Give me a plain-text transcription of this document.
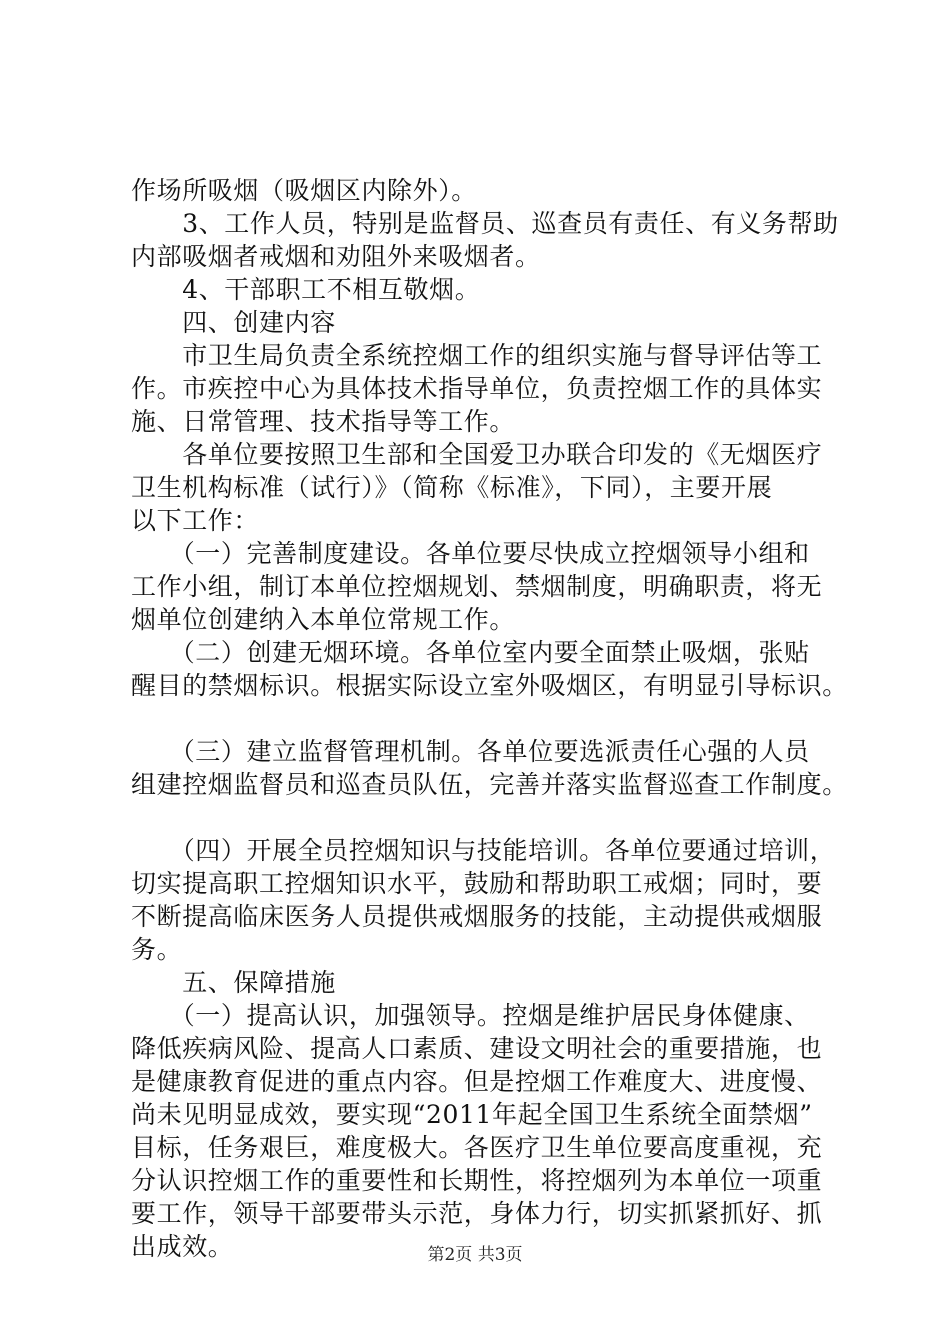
作场所吸烟（吸烟区内除外）。
　　3、工作人员，特别是监督员、巡查员有责任、有义务帮助
内部吸烟者戒烟和劝阻外来吸烟者。
　　4、干部职工不相互敬烟。
　　四、创建内容
　　市卫生局负责全系统控烟工作的组织实施与督导评估等工
作。市疾控中心为具体技术指导单位，负责控烟工作的具体实
施、日常管理、技术指导等工作。
　　各单位要按照卫生部和全国爱卫办联合印发的《无烟医疗
卫生机构标准（试行）》（简称《标准》，下同），主要开展
以下工作：
　　（一）完善制度建设。各单位要尽快成立控烟领导小组和
工作小组，制订本单位控烟规划、禁烟制度，明确职责，将无
烟单位创建纳入本单位常规工作。
　　（二）创建无烟环境。各单位室内要全面禁止吸烟，张贴
醒目的禁烟标识。根据实际设立室外吸烟区，有明显引导标识。
　　（三）建立监督管理机制。各单位要选派责任心强的人员
组建控烟监督员和巡查员队伍，完善并落实监督巡查工作制度。
　　（四）开展全员控烟知识与技能培训。各单位要通过培训，
切实提高职工控烟知识水平，鼓励和帮助职工戒烟；同时，要
不断提高临床医务人员提供戒烟服务的技能，主动提供戒烟服
务。
　　五、保障措施
　　（一）提高认识，加强领导。控烟是维护居民身体健康、
降低疾病风险、提高人口素质、建设文明社会的重要措施，也
是健康教育促进的重点内容。但是控烟工作难度大、进度慢、
尚未见明显成效，要实现“2011年起全国卫生系统全面禁烟”
目标，任务艰巨，难度极大。各医疗卫生单位要高度重视，充
分认识控烟工作的重要性和长期性，将控烟列为本单位一项重
要工作，领导干部要带头示范，身体力行，切实抓紧抓好、抓
出成效。	第2页 共3页
